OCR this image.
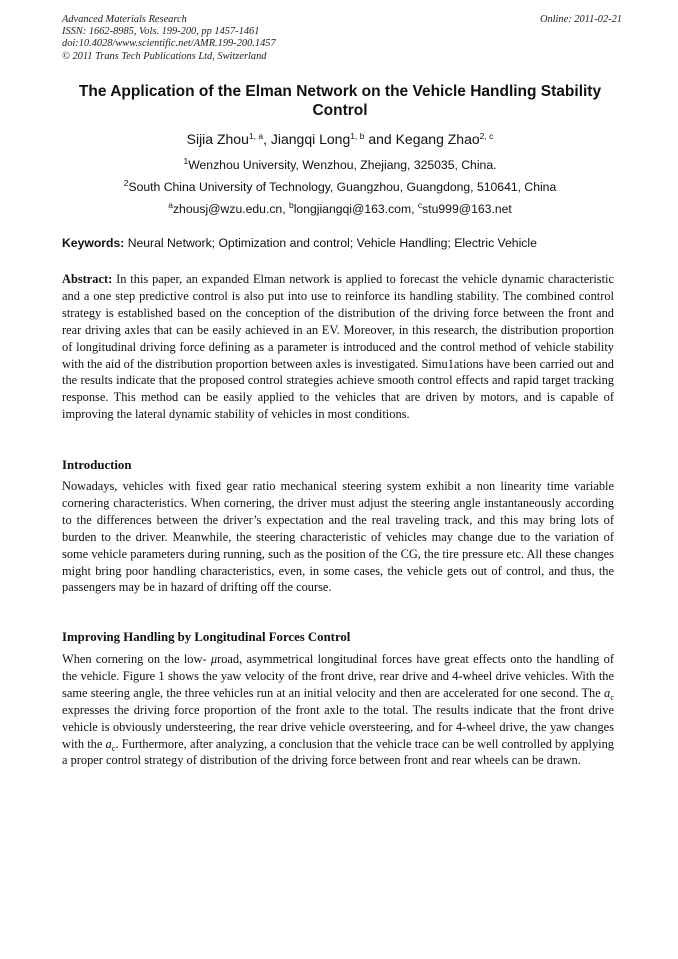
Advanced Materials Research
ISSN: 1662-8985, Vols. 199-200, pp 1457-1461
doi:10.4028/www.scientific.net/AMR.199-200.1457
© 2011 Trans Tech Publications Ltd, Switzerland
Online: 2011-02-21
The Application of the Elman Network on the Vehicle Handling Stability Control
Sijia Zhou$^{1, a}$, Jiangqi Long$^{1, b}$ and Kegang Zhao$^{2, c}$
$^1$Wenzhou University, Wenzhou, Zhejiang, 325035, China.
$^2$South China University of Technology, Guangzhou, Guangdong, 510641, China
$^a$zhousj@wzu.edu.cn, $^b$longjiangqi@163.com, $^c$stu999@163.net
Keywords: Neural Network; Optimization and control; Vehicle Handling; Electric Vehicle
Abstract: In this paper, an expanded Elman network is applied to forecast the vehicle dynamic characteristic and a one step predictive control is also put into use to reinforce its handling stability. The combined control strategy is established based on the conception of the distribution of the driving force between the front and rear driving axles that can be easily achieved in an EV. Moreover, in this research, the distribution proportion of longitudinal driving force defining as a parameter is introduced and the control method of vehicle stability with the aid of the distribution proportion between axles is investigated. Simu1ations have been carried out and the results indicate that the proposed control strategies achieve smooth control effects and rapid target tracking response. This method can be easily applied to the vehicles that are driven by motors, and is capable of improving the lateral dynamic stability of vehicles in most conditions.
Introduction
Nowadays, vehicles with fixed gear ratio mechanical steering system exhibit a non linearity time variable cornering characteristics. When cornering, the driver must adjust the steering angle instantaneously according to the differences between the driver’s expectation and the real traveling track, and this may bring lots of burden to the driver. Meanwhile, the steering characteristic of vehicles may change due to the variation of some vehicle parameters during running, such as the position of the CG, the tire pressure etc. All these changes might bring poor handling characteristics, even, in some cases, the vehicle gets out of control, and thus, the passengers may be in hazard of drifting off the course.
Improving Handling by Longitudinal Forces Control
When cornering on the low- μroad, asymmetrical longitudinal forces have great effects onto the handling of the vehicle. Figure 1 shows the yaw velocity of the front drive, rear drive and 4-wheel drive vehicles. With the same steering angle, the three vehicles run at an initial velocity and then are accelerated for one second. The $a_c$ expresses the driving force proportion of the front axle to the total. The results indicate that the front drive vehicle is obviously understeering, the rear drive vehicle oversteering, and for 4-wheel drive, the yaw changes with the $a_c$. Furthermore, after analyzing, a conclusion that the vehicle trace can be well controlled by applying a proper control strategy of distribution of the driving force between front and rear wheels can be drawn.
